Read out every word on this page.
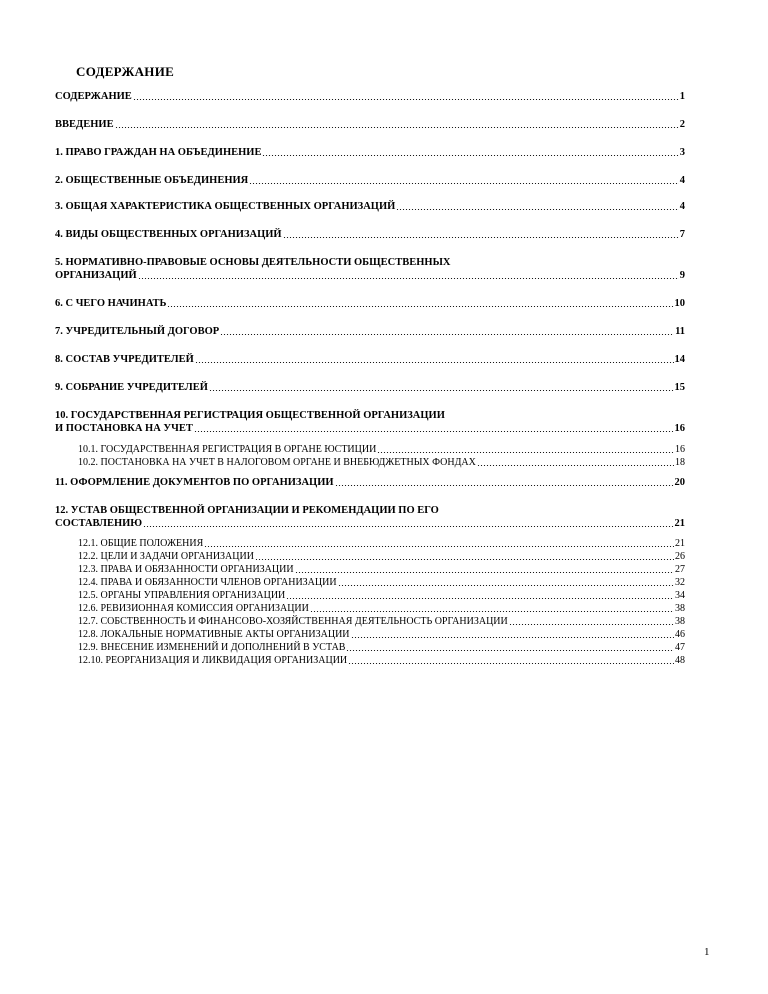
СОДЕРЖАНИЕ
СОДЕРЖАНИЕ	1
ВВЕДЕНИЕ	2
1. ПРАВО ГРАЖДАН НА ОБЪЕДИНЕНИЕ	3
2. ОБЩЕСТВЕННЫЕ ОБЪЕДИНЕНИЯ	4
3. ОБЩАЯ ХАРАКТЕРИСТИКА ОБЩЕСТВЕННЫХ ОРГАНИЗАЦИЙ	4
4. ВИДЫ ОБЩЕСТВЕННЫХ ОРГАНИЗАЦИЙ	7
5. НОРМАТИВНО-ПРАВОВЫЕ ОСНОВЫ ДЕЯТЕЛЬНОСТИ ОБЩЕСТВЕННЫХ
ОРГАНИЗАЦИЙ	9
6. С ЧЕГО НАЧИНАТЬ	10
7. УЧРЕДИТЕЛЬНЫЙ ДОГОВОР	11
8. СОСТАВ УЧРЕДИТЕЛЕЙ	14
9. СОБРАНИЕ УЧРЕДИТЕЛЕЙ	15
10. ГОСУДАРСТВЕННАЯ РЕГИСТРАЦИЯ ОБЩЕСТВЕННОЙ ОРГАНИЗАЦИИ
И ПОСТАНОВКА НА УЧЕТ	16
10.1. ГОСУДАРСТВЕННАЯ РЕГИСТРАЦИЯ В ОРГАНЕ ЮСТИЦИИ	16
10.2. ПОСТАНОВКА НА УЧЕТ В НАЛОГОВОМ ОРГАНЕ И ВНЕБЮДЖЕТНЫХ ФОНДАХ	18
11. ОФОРМЛЕНИЕ ДОКУМЕНТОВ ПО ОРГАНИЗАЦИИ	20
12. УСТАВ ОБЩЕСТВЕННОЙ ОРГАНИЗАЦИИ И РЕКОМЕНДАЦИИ ПО ЕГО
СОСТАВЛЕНИЮ	21
12.1. ОБЩИЕ ПОЛОЖЕНИЯ	21
12.2. ЦЕЛИ И ЗАДАЧИ ОРГАНИЗАЦИИ	26
12.3. ПРАВА И ОБЯЗАННОСТИ ОРГАНИЗАЦИИ	27
12.4. ПРАВА И ОБЯЗАННОСТИ ЧЛЕНОВ ОРГАНИЗАЦИИ	32
12.5. ОРГАНЫ УПРАВЛЕНИЯ ОРГАНИЗАЦИИ	34
12.6. РЕВИЗИОННАЯ КОМИССИЯ ОРГАНИЗАЦИИ	38
12.7. СОБСТВЕННОСТЬ И ФИНАНСОВО-ХОЗЯЙСТВЕННАЯ ДЕЯТЕЛЬНОСТЬ ОРГАНИЗАЦИИ	38
12.8. ЛОКАЛЬНЫЕ НОРМАТИВНЫЕ АКТЫ ОРГАНИЗАЦИИ	46
12.9. ВНЕСЕНИЕ ИЗМЕНЕНИЙ И ДОПОЛНЕНИЙ В УСТАВ	47
12.10. РЕОРГАНИЗАЦИЯ И ЛИКВИДАЦИЯ ОРГАНИЗАЦИИ	48
1
